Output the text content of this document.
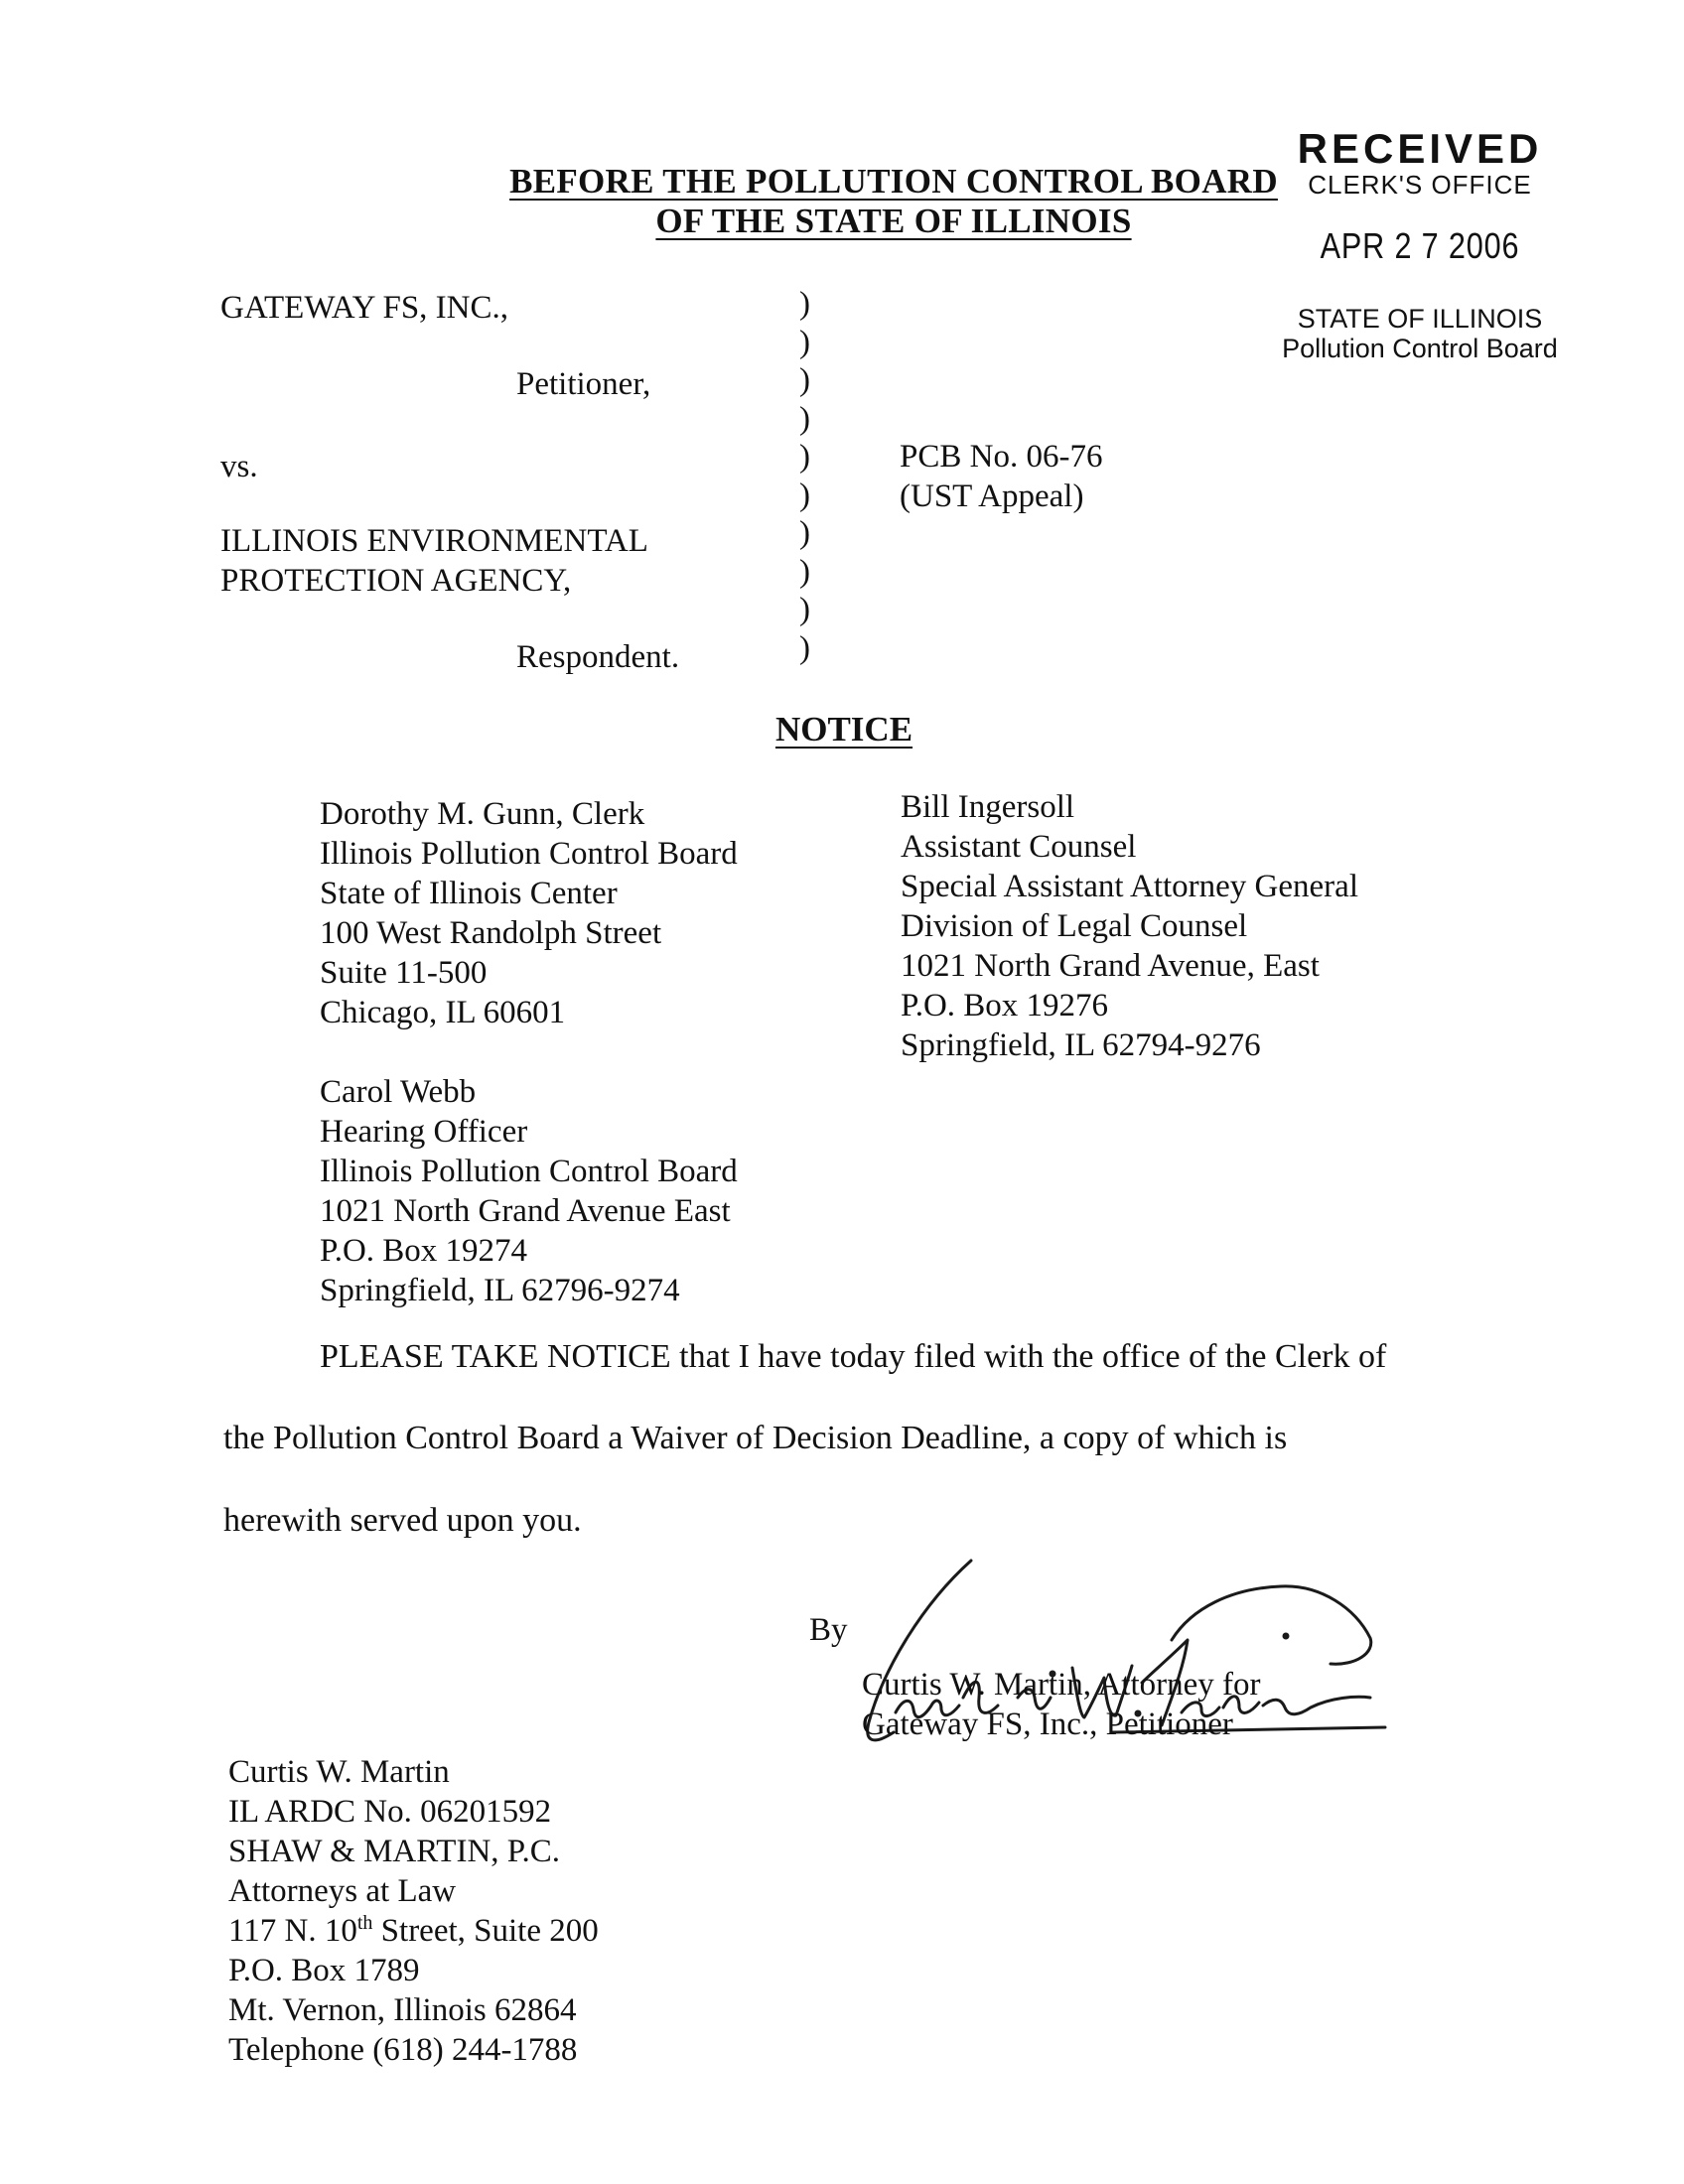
BEFORE THE POLLUTION CONTROL BOARD
OF THE STATE OF ILLINOIS
RECEIVED
CLERK'S OFFICE
APR 2 7 2006
STATE OF ILLINOIS
Pollution Control Board
GATEWAY FS, INC.,
Petitioner,
vs.
ILLINOIS ENVIRONMENTAL
PROTECTION AGENCY,
Respondent.
)
)
)
)
)
)
)
)
)
)
PCB No. 06-76
(UST Appeal)
NOTICE
Dorothy M. Gunn, Clerk
Illinois Pollution Control Board
State of Illinois Center
100 West Randolph Street
Suite 11-500
Chicago, IL 60601
Bill Ingersoll
Assistant Counsel
Special Assistant Attorney General
Division of Legal Counsel
1021 North Grand Avenue, East
P.O. Box 19276
Springfield, IL 62794-9276
Carol Webb
Hearing Officer
Illinois Pollution Control Board
1021 North Grand Avenue East
P.O. Box 19274
Springfield, IL 62796-9274
PLEASE TAKE NOTICE that I have today filed with the office of the Clerk of
the Pollution Control Board a Waiver of Decision Deadline, a copy of which is
herewith served upon you.
By
Curtis W. Martin, Attorney for
Gateway FS, Inc., Petitioner
Curtis W. Martin
IL ARDC No. 06201592
SHAW & MARTIN, P.C.
Attorneys at Law
117 N. 10th Street, Suite 200
P.O. Box 1789
Mt. Vernon, Illinois 62864
Telephone (618) 244-1788
